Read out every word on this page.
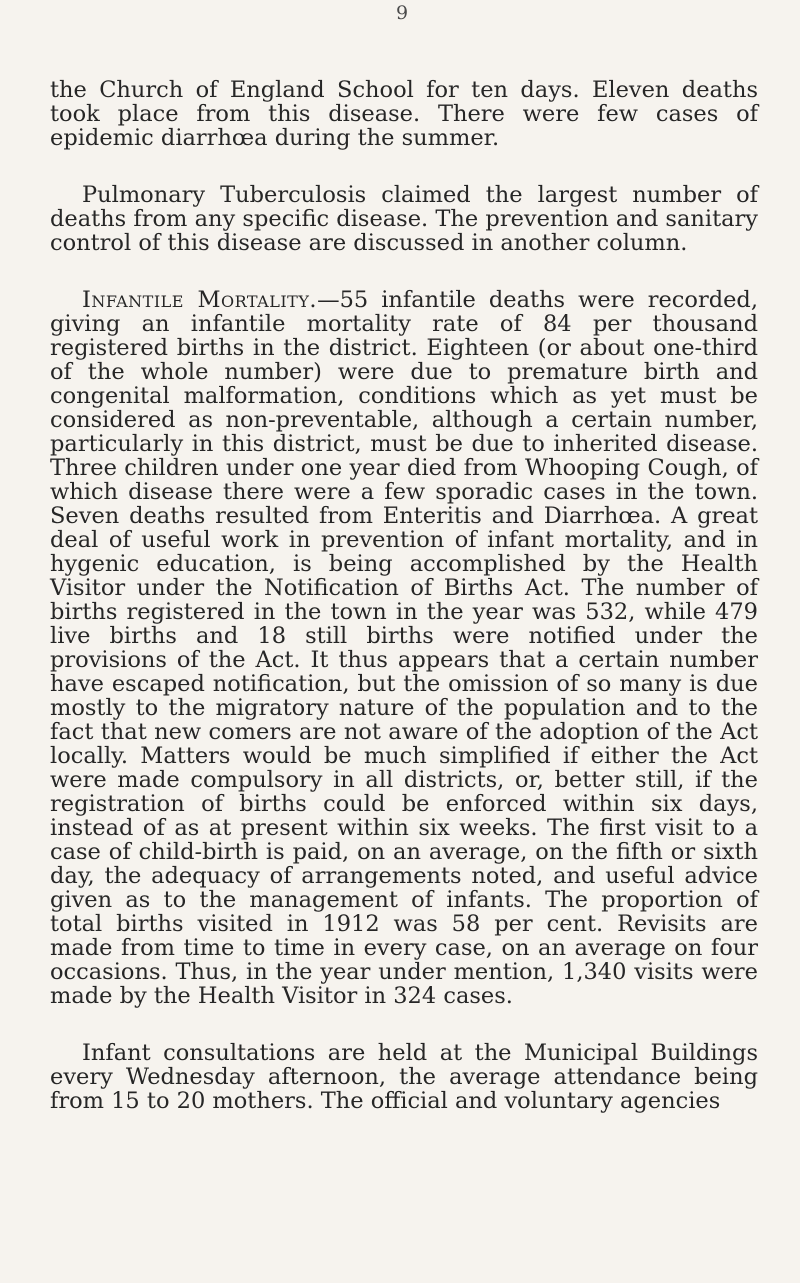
9

the Church of England School for ten days. Eleven deaths took place from this disease. There were few cases of epidemic diarrhœa during the summer.

Pulmonary Tuberculosis claimed the largest number of deaths from any specific disease. The prevention and sanitary control of this disease are discussed in another column.

Infantile Mortality.—55 infantile deaths were recorded, giving an infantile mortality rate of 84 per thousand registered births in the district. Eighteen (or about one-third of the whole number) were due to premature birth and congenital malformation, conditions which as yet must be considered as non-preventable, although a certain number, particularly in this district, must be due to inherited disease. Three children under one year died from Whooping Cough, of which disease there were a few sporadic cases in the town. Seven deaths resulted from Enteritis and Diarrhœa. A great deal of useful work in prevention of infant mortality, and in hygenic education, is being accomplished by the Health Visitor under the Notification of Births Act. The number of births registered in the town in the year was 532, while 479 live births and 18 still births were notified under the provisions of the Act. It thus appears that a certain number have escaped notification, but the omission of so many is due mostly to the migratory nature of the population and to the fact that new comers are not aware of the adoption of the Act locally. Matters would be much simplified if either the Act were made compulsory in all districts, or, better still, if the registration of births could be enforced within six days, instead of as at present within six weeks. The first visit to a case of child-birth is paid, on an average, on the fifth or sixth day, the adequacy of arrangements noted, and useful advice given as to the management of infants. The proportion of total births visited in 1912 was 58 per cent. Revisits are made from time to time in every case, on an average on four occasions. Thus, in the year under mention, 1,340 visits were made by the Health Visitor in 324 cases.

Infant consultations are held at the Municipal Buildings every Wednesday afternoon, the average attendance being from 15 to 20 mothers. The official and voluntary agencies
